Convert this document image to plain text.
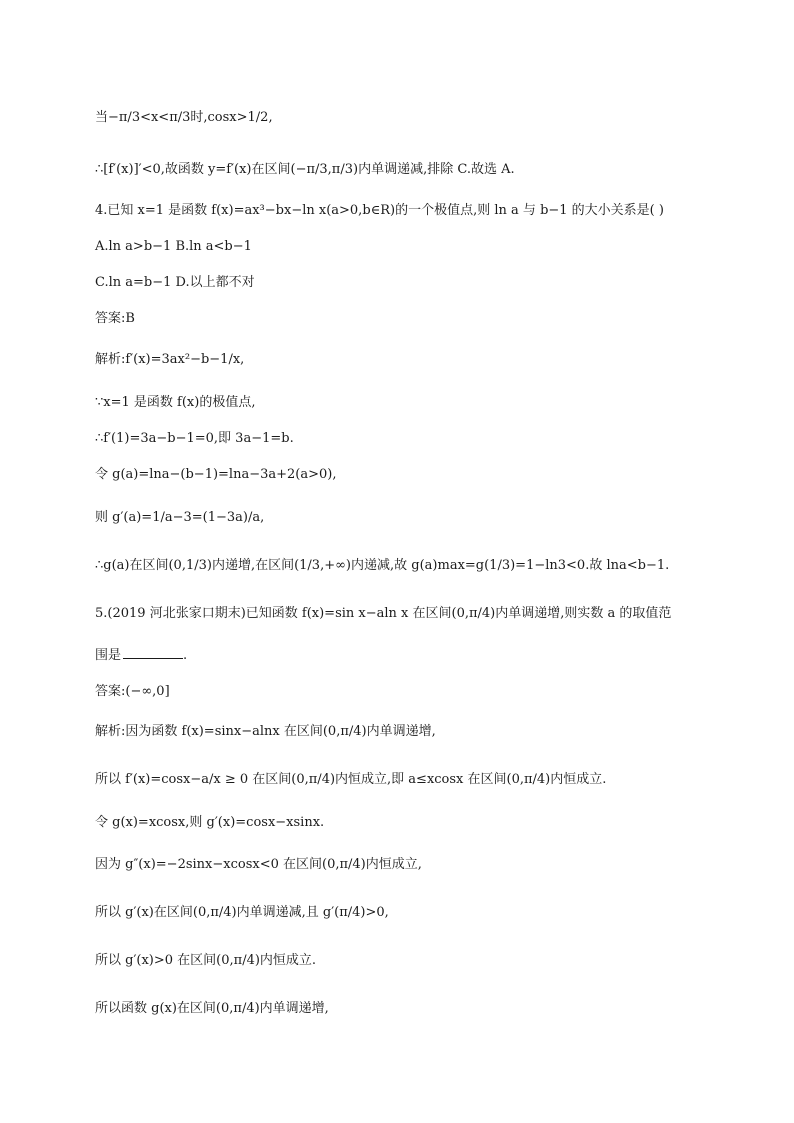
当−π/3<x<π/3时,cosx>1/2,
∴[f′(x)]′<0,故函数 y=f′(x)在区间(−π/3,π/3)内单调递减,排除 C.故选 A.
4.已知 x=1 是函数 f(x)=ax³−bx−ln x(a>0,b∈R)的一个极值点,则 ln a 与 b−1 的大小关系是( )
A.ln a>b−1 B.ln a<b−1
C.ln a=b−1 D.以上都不对
答案:B
解析:f′(x)=3ax²−b−1/x,
∵x=1 是函数 f(x)的极值点,
∴f′(1)=3a−b−1=0,即 3a−1=b.
令 g(a)=lna−(b−1)=lna−3a+2(a>0),
则 g′(a)=1/a−3=(1−3a)/a,
∴g(a)在区间(0,1/3)内递增,在区间(1/3,+∞)内递减,故 g(a)max=g(1/3)=1−ln3<0.故 lna<b−1.
5.(2019 河北张家口期末)已知函数 f(x)=sin x−aln x 在区间(0,π/4)内单调递增,则实数 a 的取值范
围是	.
答案:(−∞,0]
解析:因为函数 f(x)=sinx−alnx 在区间(0,π/4)内单调递增,
所以 f′(x)=cosx−a/x ≥ 0 在区间(0,π/4)内恒成立,即 a≤xcosx 在区间(0,π/4)内恒成立.
令 g(x)=xcosx,则 g′(x)=cosx−xsinx.
因为 g″(x)=−2sinx−xcosx<0 在区间(0,π/4)内恒成立,
所以 g′(x)在区间(0,π/4)内单调递减,且 g′(π/4)>0,
所以 g′(x)>0 在区间(0,π/4)内恒成立.
所以函数 g(x)在区间(0,π/4)内单调递增,
